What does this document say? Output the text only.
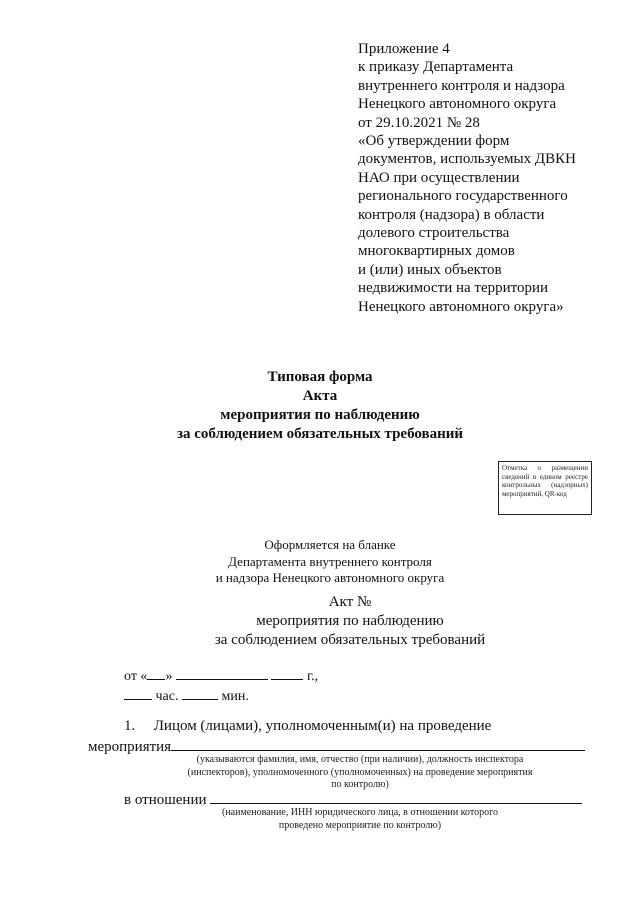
Приложение 4
к приказу Департамента
внутреннего контроля и надзора
Ненецкого автономного округа
от 29.10.2021 № 28
«Об утверждении форм
документов, используемых ДВКН
НАО при осуществлении
регионального государственного
контроля (надзора) в области
долевого строительства
многоквартирных домов
и (или) иных объектов
недвижимости на территории
Ненецкого автономного округа»
Типовая форма
Акта
мероприятия по наблюдению
за соблюдением обязательных требований
Отметка о размещении сведений в едином реестре контрольных (надзорных) мероприятий, QR-код
Оформляется на бланке
Департамента внутреннего контроля
и надзора Ненецкого автономного округа
Акт №
мероприятия по наблюдению
за соблюдением обязательных требований
от « »	г.,
час.	мин.
1. Лицом (лицами), уполномоченным(и) на проведение
мероприятия
(указываются фамилия, имя, отчество (при наличии), должность инспектора
(инспекторов), уполномоченного (уполномоченных) на проведение мероприятия
по контролю)
в отношении
(наименование, ИНН юридического лица, в отношении которого
проведено мероприятие по контролю)
